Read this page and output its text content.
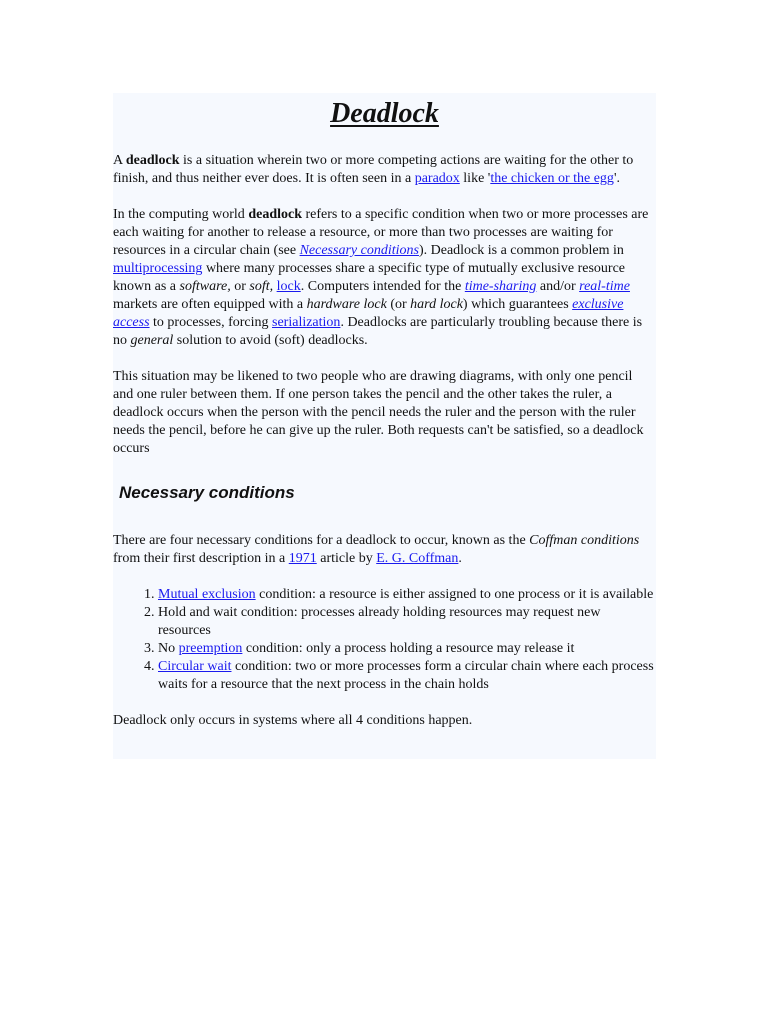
Deadlock

A deadlock is a situation wherein two or more competing actions are waiting for the other to finish, and thus neither ever does. It is often seen in a paradox like 'the chicken or the egg'.

In the computing world deadlock refers to a specific condition when two or more processes are each waiting for another to release a resource, or more than two processes are waiting for resources in a circular chain (see Necessary conditions). Deadlock is a common problem in multiprocessing where many processes share a specific type of mutually exclusive resource known as a software, or soft, lock. Computers intended for the time-sharing and/or real-time markets are often equipped with a hardware lock (or hard lock) which guarantees exclusive access to processes, forcing serialization. Deadlocks are particularly troubling because there is no general solution to avoid (soft) deadlocks.

This situation may be likened to two people who are drawing diagrams, with only one pencil and one ruler between them. If one person takes the pencil and the other takes the ruler, a deadlock occurs when the person with the pencil needs the ruler and the person with the ruler needs the pencil, before he can give up the ruler. Both requests can't be satisfied, so a deadlock occurs

Necessary conditions

There are four necessary conditions for a deadlock to occur, known as the Coffman conditions from their first description in a 1971 article by E. G. Coffman.

1. Mutual exclusion condition: a resource is either assigned to one process or it is available
2. Hold and wait condition: processes already holding resources may request new resources
3. No preemption condition: only a process holding a resource may release it
4. Circular wait condition: two or more processes form a circular chain where each process waits for a resource that the next process in the chain holds

Deadlock only occurs in systems where all 4 conditions happen.
